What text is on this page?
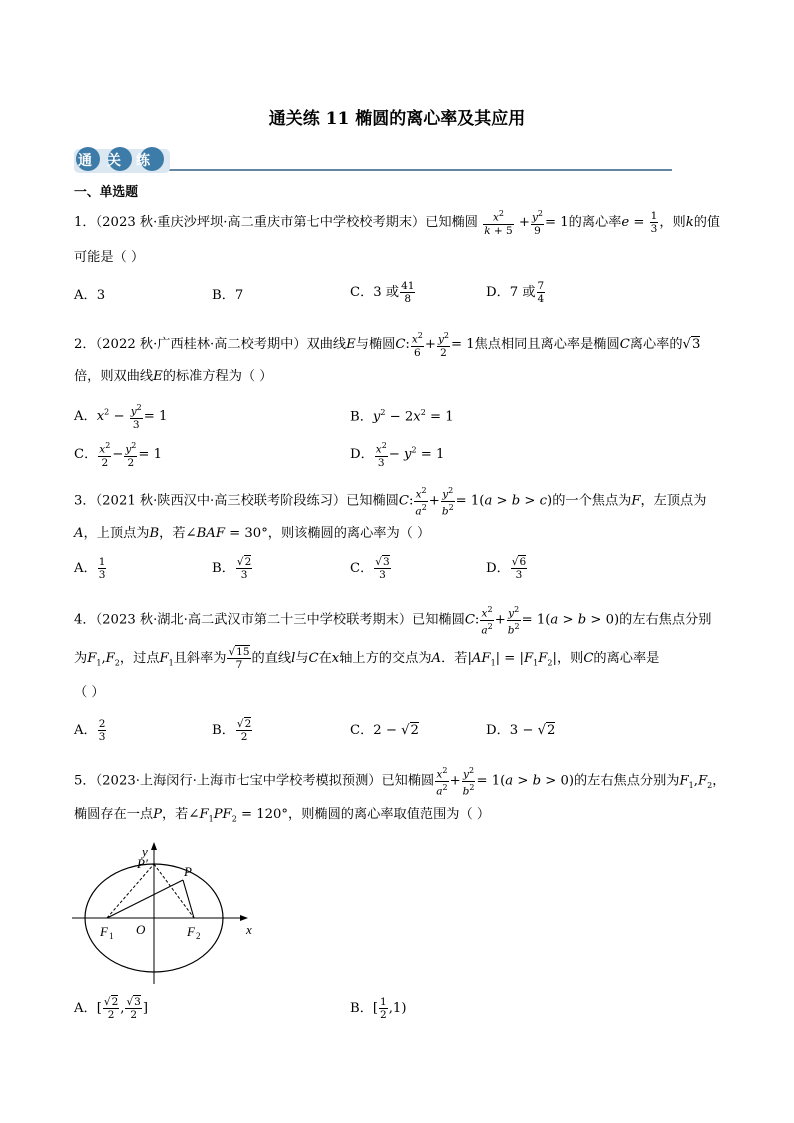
通关练 11 椭圆的离心率及其应用
通关练
一、单选题
1．（2023 秋·重庆沙坪坝·高二重庆市第七中学校校考期末）已知椭圆 $\frac{x^2}{k + 5} + \frac{y^2}{9} = 1$的离心率$e = \frac{1}{3}$ ，则k的值
可能是（ ）
A．3	B．7	C．3 或 $\frac{41}{8}$	D．7 或 $\frac{7}{4}$
2．（2022 秋·广西桂林·高二校考期中）双曲线E与椭圆C: $\frac{x^2}{6} + \frac{y^2}{2} = 1$焦点相同且离心率是椭圆C离心率的√3
倍，则双曲线E的标准方程为（ ）
A．$x^2 - \frac{y^2}{3} = 1$	B．$y^2 - 2x^2 = 1$
C． $\frac{x^2}{2} - \frac{y^2}{2} = 1$	D． $\frac{x^2}{3} - y^2 = 1$
3．（2021 秋·陕西汉中·高三校联考阶段练习）已知椭圆C: $\frac{x^2}{a^2} + \frac{y^2}{b^2} = 1(a > b > c)$的一个焦点为F，左顶点为
A，上顶点为B，若∠BAF = 30°，则该椭圆的离心率为（ ）
A． $\frac{1}{3}$	B． $\frac{√2}{3}$	C． $\frac{√3}{3}$	D． $\frac{√6}{3}$
4．（2023 秋·湖北·高二武汉市第二十三中学校联考期末）已知椭圆C: $\frac{x^2}{a^2} + \frac{y^2}{b^2} = 1(a > b > 0)$的左右焦点分别
为$F_1,F_2$，过点$F_1$且斜率为 $\frac{√15}{7}$ 的直线l与C在x轴上方的交点为A．若$|AF_1| = |F_1F_2|$，则C的离心率是
（ ）
A． $\frac{2}{3}$	B． $\frac{√2}{2}$	C．2 − √2	D．3 − √2
5．（2023·上海闵行·上海市七宝中学校考模拟预测）已知椭圆 $\frac{x^2}{a^2} + \frac{y^2}{b^2} = 1(a > b > 0)$的左右焦点分别为$F_1,F_2$，
椭圆存在一点P，若$\angle F_1PF_2 = 120^\circ$，则椭圆的离心率取值范围为（ ）
y
x
O
P
P′
F 1	F 2
A．[ $\frac{√2}{2}$ , $\frac{√3}{2}$ ]	B．[ $\frac{1}{2} ,1$)
